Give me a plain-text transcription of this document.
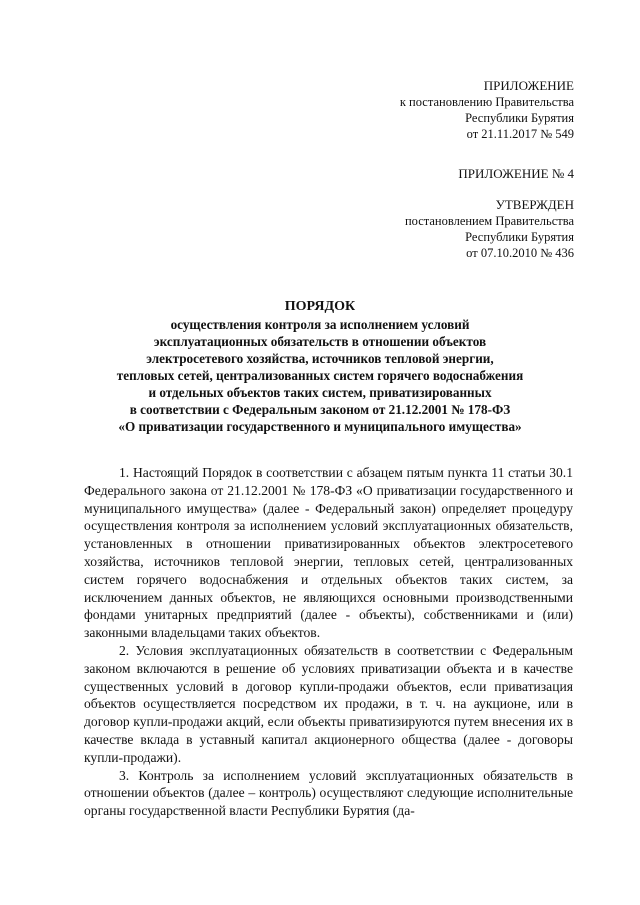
ПРИЛОЖЕНИЕ
к постановлению Правительства
Республики Бурятия
от 21.11.2017 № 549
ПРИЛОЖЕНИЕ № 4
УТВЕРЖДЕН
постановлением Правительства
Республики Бурятия
от 07.10.2010 № 436
ПОРЯДОК
осуществления контроля за исполнением условий
эксплуатационных обязательств в отношении объектов
электросетевого хозяйства, источников тепловой энергии,
тепловых сетей, централизованных систем горячего водоснабжения
и отдельных объектов таких систем, приватизированных
в соответствии с Федеральным законом от 21.12.2001 № 178-ФЗ
«О приватизации государственного и муниципального имущества»

1. Настоящий Порядок в соответствии с абзацем пятым пункта 11 статьи 30.1 Федерального закона от 21.12.2001 № 178-ФЗ «О приватизации государственного и муниципального имущества» (далее - Федеральный закон) определяет процедуру осуществления контроля за исполнением условий эксплуатационных обязательств, установленных в отношении приватизированных объектов электросетевого хозяйства, источников тепловой энергии, тепловых сетей, централизованных систем горячего водоснабжения и отдельных объектов таких систем, за исключением данных объектов, не являющихся основными производственными фондами унитарных предприятий (далее - объекты), собственниками и (или) законными владельцами таких объектов.

2. Условия эксплуатационных обязательств в соответствии с Федеральным законом включаются в решение об условиях приватизации объекта и в качестве существенных условий в договор купли-продажи объектов, если приватизация объектов осуществляется посредством их продажи, в т. ч. на аукционе, или в договор купли-продажи акций, если объекты приватизируются путем внесения их в качестве вклада в уставный капитал акционерного общества (далее - договоры купли-продажи).

3. Контроль за исполнением условий эксплуатационных обязательств в отношении объектов (далее – контроль) осуществляют следующие исполнительные органы государственной власти Республики Бурятия (да-
